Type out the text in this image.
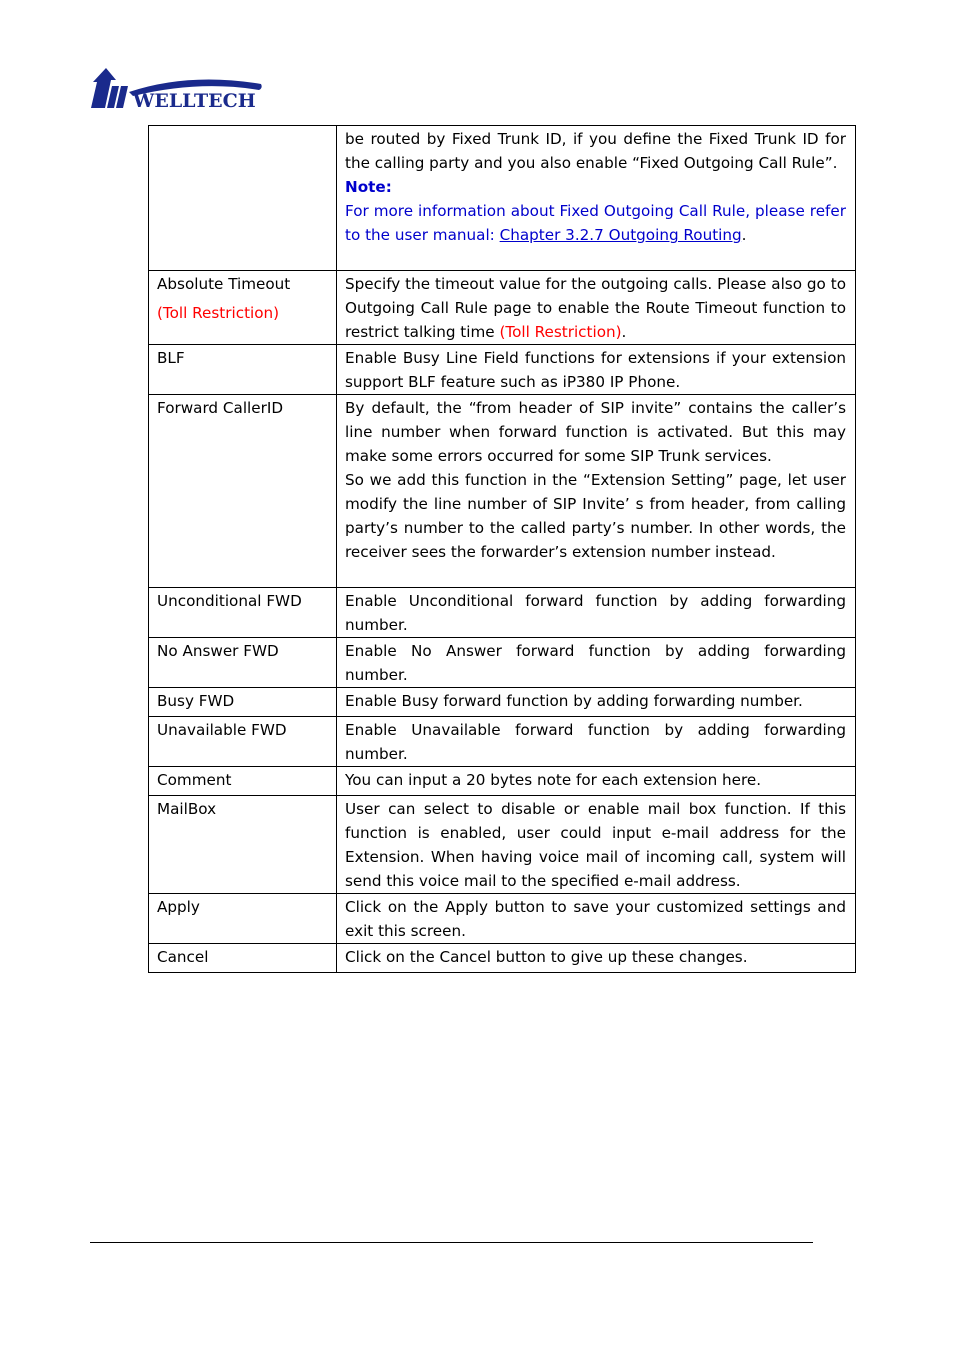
WELLTECH

	be routed by Fixed Trunk ID, if you define the Fixed Trunk ID for the calling party and you also enable “Fixed Outgoing Call Rule”.

Note:

For more information about Fixed Outgoing Call Rule, please refer to the user manual: Chapter 3.2.7 Outgoing Routing.

Absolute Timeout

(Toll Restriction)	Specify the timeout value for the outgoing calls. Please also go to Outgoing Call Rule page to enable the Route Timeout function to restrict talking time (Toll Restriction).
BLF	Enable Busy Line Field functions for extensions if your extension support BLF feature such as iP380 IP Phone.
Forward CallerID	By default, the “from header of SIP invite” contains the caller’s line number when forward function is activated. But this may make some errors occurred for some SIP Trunk services.

So we add this function in the “Extension Setting” page, let user modify the line number of SIP Invite’ s from header, from calling party’s number to the called party’s number. In other words, the receiver sees the forwarder’s extension number instead.

Unconditional FWD	Enable Unconditional forward function by adding forwarding number.
No Answer FWD	Enable No Answer forward function by adding forwarding number.
Busy FWD	Enable Busy forward function by adding forwarding number.
Unavailable FWD	Enable Unavailable forward function by adding forwarding number.
Comment	You can input a 20 bytes note for each extension here.
MailBox	User can select to disable or enable mail box function. If this function is enabled, user could input e-mail address for the Extension. When having voice mail of incoming call, system will send this voice mail to the specified e-mail address.
Apply	Click on the Apply button to save your customized settings and exit this screen.
Cancel	Click on the Cancel button to give up these changes.
